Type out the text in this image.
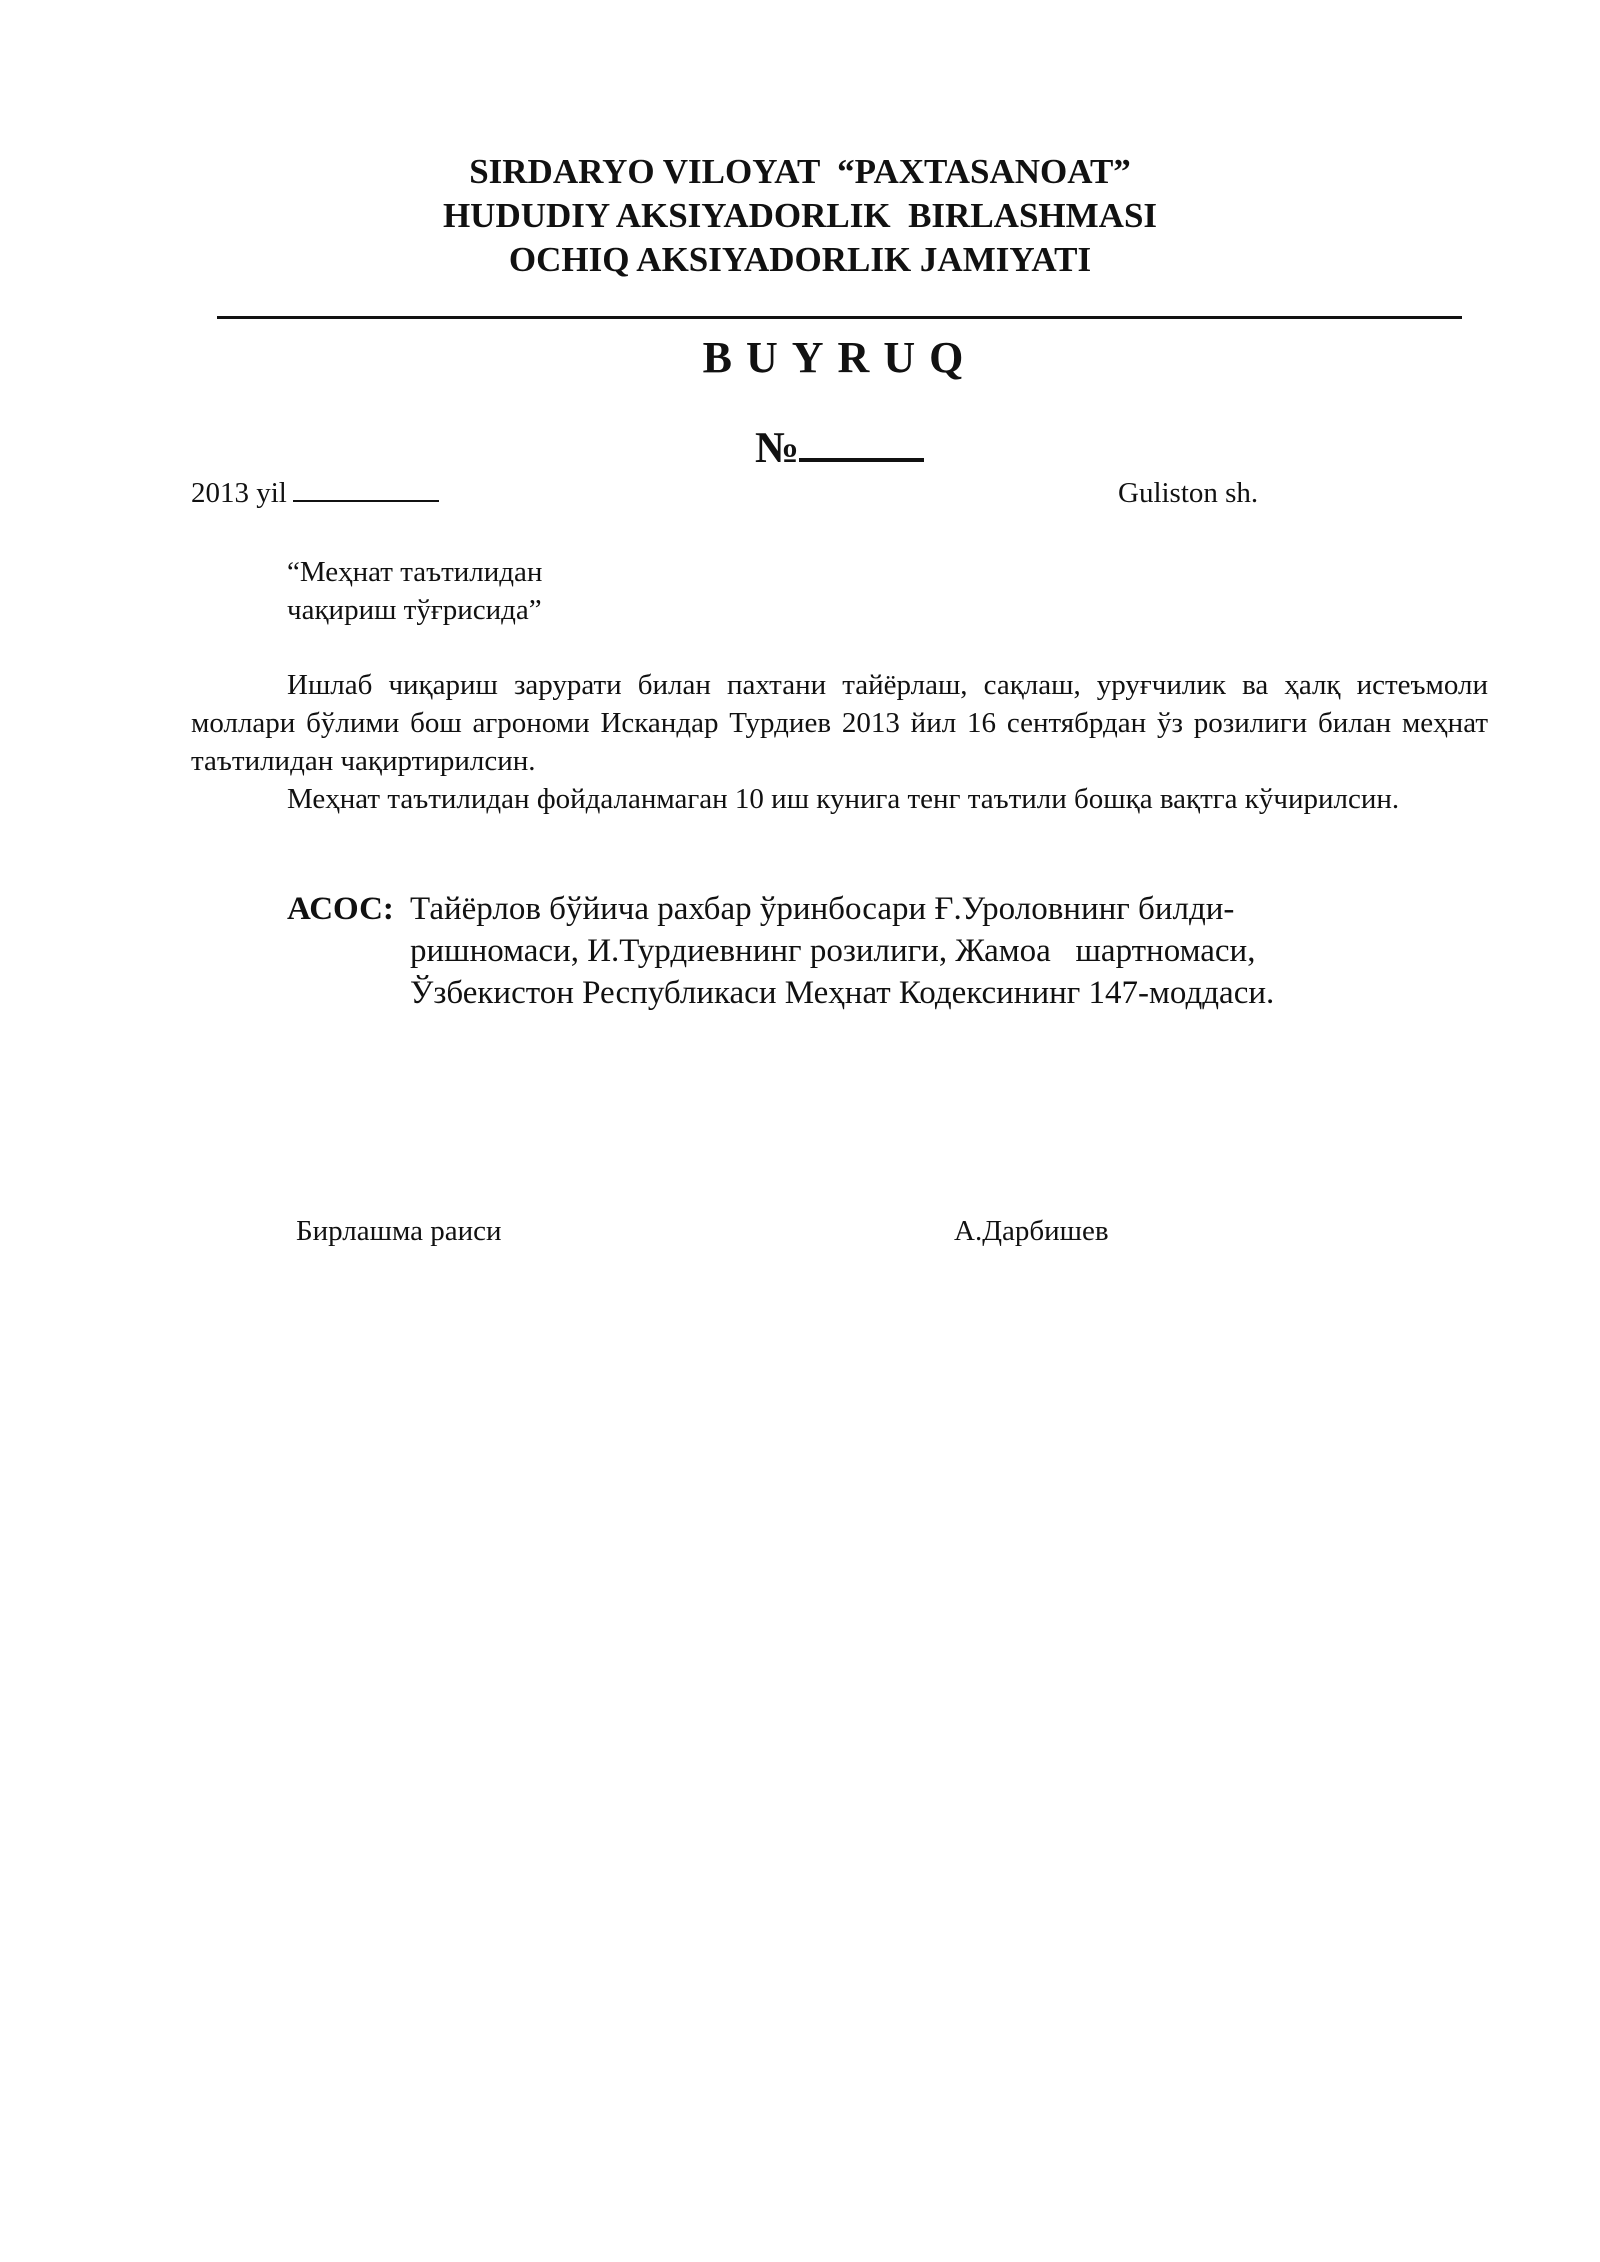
SIRDARYO VILOYAT  “PAXTASANOAT”
HUDUDIY AKSIYADORLIK  BIRLASHMASI
OCHIQ AKSIYADORLIK JAMIYATI
BUYRUQ
№
2013 yil	Guliston sh.
“Меҳнат таътилидан
чақириш тўғрисида”

Ишлаб чиқариш зарурати билан пахтани тайёрлаш, сақлаш, уруғчилик ва ҳалқ истеъмоли моллари бўлими бош агрономи Искандар Турдиев 2013 йил 16 сентябрдан ўз розилиги билан меҳнат таътилидан чақиртирилсин.

Меҳнат таътилидан фойдаланмаган 10 иш кунига тенг таътили бошқа вақтга кўчирилсин.

АСОС: Тайёрлов бўйича рахбар ўринбосари Ғ.Уроловнинг билди-
ришномаси, И.Турдиевнинг розилиги, Жамоа   шартномаси,
Ўзбекистон Республикаси Меҳнат Кодексининг 147-моддаси.
Бирлашма раиси	А.Дарбишев
